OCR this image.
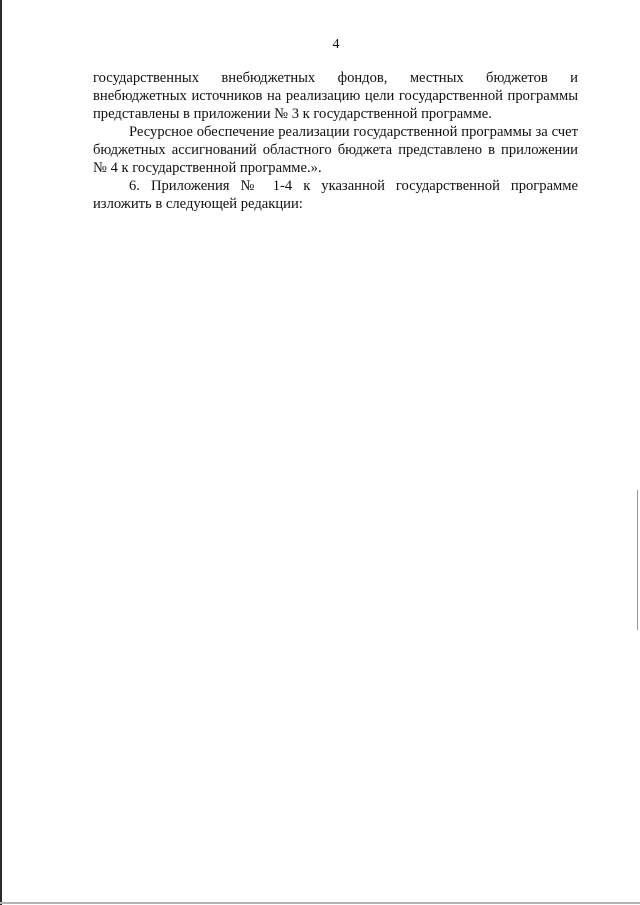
4

государственных внебюджетных фондов, местных бюджетов и внебюджетных источников на реализацию цели государственной программы представлены в приложении № 3 к государственной программе.

Ресурсное обеспечение реализации государственной программы за счет бюджетных ассигнований областного бюджета представлено в приложении № 4 к государственной программе.».

6. Приложения № 1-4 к указанной государственной программе изложить в следующей редакции:
